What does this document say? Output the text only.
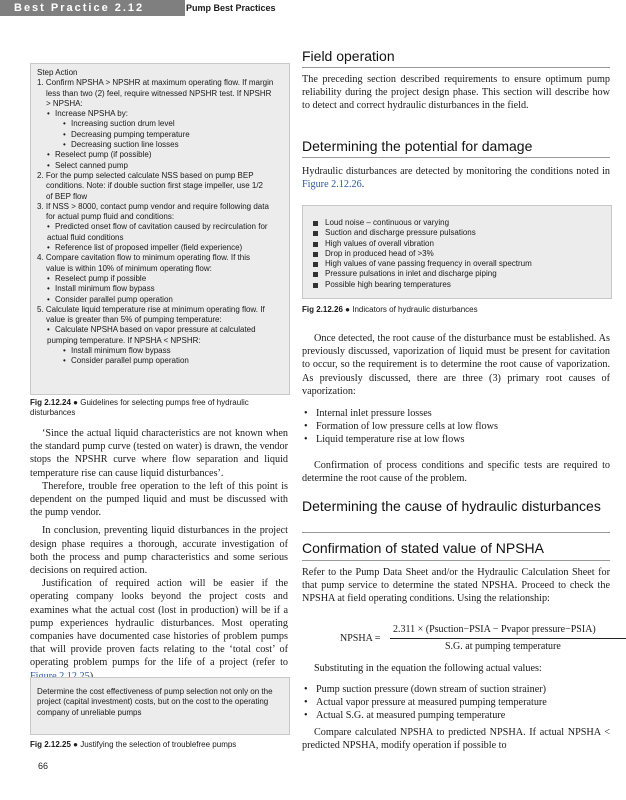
Best Practice 2.12	Pump Best Practices
Step Action
1. Confirm NPSHA > NPSHR at maximum operating flow. If margin
less than two (2) feel, require witnessed NPSHR test. If NPSHR
> NPSHA:
• Increase NPSHA by:
• Increasing suction drum level
• Decreasing pumping temperature
• Decreasing suction line losses
• Reselect pump (if possible)
• Select canned pump
2. For the pump selected calculate NSS based on pump BEP
conditions. Note: if double suction first stage impeller, use 1/2
of BEP flow
3. If NSS > 8000, contact pump vendor and require following data
for actual pump fluid and conditions:
• Predicted onset flow of cavitation caused by recirculation for
actual fluid conditions
• Reference list of proposed impeller (field experience)
4. Compare cavitation flow to minimum operating flow. If this
value is within 10% of minimum operating flow:
• Reselect pump if possible
• Install minimum flow bypass
• Consider parallel pump operation
5. Calculate liquid temperature rise at minimum operating flow. If
value is greater than 5% of pumping temperature:
• Calculate NPSHA based on vapor pressure at calculated
pumping temperature. If NPSHA < NPSHR:
• Install minimum flow bypass
• Consider parallel pump operation
Fig 2.12.24 ● Guidelines for selecting pumps free of hydraulic disturbances

‘Since the actual liquid characteristics are not known when the standard pump curve (tested on water) is drawn, the vendor stops the NPSHR curve where flow separation and liquid temperature rise can cause liquid disturbances’.

Therefore, trouble free operation to the left of this point is dependent on the pumped liquid and must be discussed with the pump vendor.

In conclusion, preventing liquid disturbances in the project design phase requires a thorough, accurate investigation of both the process and pump characteristics and some serious decisions on required action.

Justification of required action will be easier if the operating company looks beyond the project costs and examines what the actual cost (lost in production) will be if a pump experiences hydraulic disturbances. Most operating companies have documented case histories of problem pumps that will provide proven facts relating to the ‘total cost’ of operating problem pumps for the life of a project (refer to

Determine the cost effectiveness of pump selection not only on the project (capital investment) costs, but on the cost to the operating company of unreliable pumps
Fig 2.12.25 ● Justifying the selection of troublefree pumps
66
Field operation
The preceding section described requirements to ensure optimum pump reliability during the project design phase. This section will describe how to detect and correct hydraulic disturbances in the field.
Determining the potential for damage
Hydraulic disturbances are detected by monitoring the conditions noted in Figure 2.12.26.
Loud noise – continuous or varying
Suction and discharge pressure pulsations
High values of overall vibration
Drop in produced head of >3%
High values of vane passing frequency in overall spectrum
Pressure pulsations in inlet and discharge piping
Possible high bearing temperatures
Fig 2.12.26 ● Indicators of hydraulic disturbances

Once detected, the root cause of the disturbance must be established. As previously discussed, vaporization of liquid must be present for cavitation to occur, so the requirement is to determine the root cause of vaporization. As previously discussed, there are three (3) primary root causes of vaporization:

• Internal inlet pressure losses
• Formation of low pressure cells at low flows
• Liquid temperature rise at low flows

Confirmation of process conditions and specific tests are required to determine the root cause of the problem.

Determining the cause of hydraulic disturbances
Confirmation of stated value of NPSHA
Refer to the Pump Data Sheet and/or the Hydraulic Calculation Sheet for that pump service to determine the stated NPSHA. Proceed to check the NPSHA at field operating conditions. Using the relationship:
NPSHA =
2.311 × (Psuction−PSIA − Pvapor pressure−PSIA)
S.G. at pumping temperature

Substituting in the equation the following actual values:

• Pump suction pressure (down stream of suction strainer)
• Actual vapor pressure at measured pumping temperature
• Actual S.G. at measured pumping temperature

Compare calculated NPSHA to predicted NPSHA. If actual NPSHA < predicted NPSHA, modify operation if possible to
